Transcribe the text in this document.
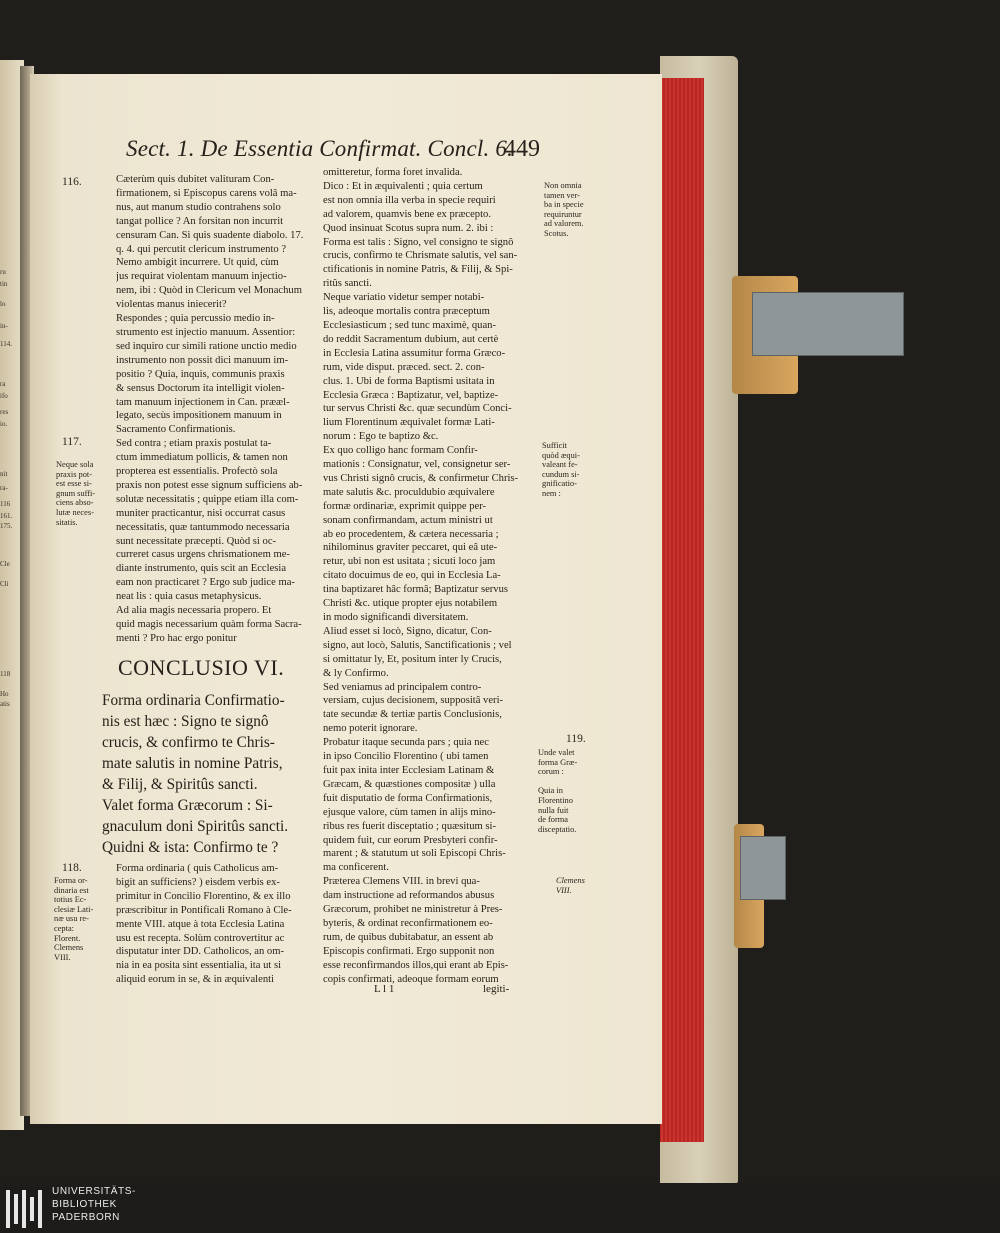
Sect. 1. De Essentia Confirmat. Concl. 6.
449
116.	Cæterùm quis dubitet valituram Con-
firmationem, si Episcopus carens volâ ma-
nus, aut manum studio contrahens solo
tangat pollice ? An forsitan non incurrit
censuram Can. Si quis suadente diabolo. 17.
q. 4. qui percutit clericum instrumento ?
Nemo ambigit incurrere. Ut quid, cùm
jus requirat violentam manuum injectio-
nem, ibi : Quòd in Clericum vel Monachum
violentas manus iniecerit?
Respondes ; quia percussio medio in-
strumento est injectio manuum. Assentior:
sed inquiro cur simili ratione unctio medio
instrumento non possit dici manuum im-
positio ? Quia, inquis, communis praxis
& sensus Doctorum ita intelligit violen-
tam manuum injectionem in Can. prææl-
legato, secùs impositionem manuum in
Sacramento Confirmationis.
Sed contra ; etiam praxis postulat ta-
ctum immediatum pollicis, & tamen non
propterea est essentialis. Profectò sola
praxis non potest esse signum sufficiens ab-
solutæ necessitatis ; quippe etiam illa com-
muniter practicantur, nisi occurrat casus
necessitatis, quæ tantummodo necessaria
sunt necessitate præcepti. Quòd si oc-
curreret casus urgens chrismationem me-
diante instrumento, quis scit an Ecclesia
eam non practicaret ? Ergo sub judice ma-
neat lis : quia casus metaphysicus.
Ad alia magis necessaria propero. Et
quid magis necessarium quàm forma Sacra-
menti ? Pro hac ergo ponitur
117.
Neque sola
praxis pot-
est esse si-
gnum suffi-
ciens abso-
lutæ neces-
sitatis.
CONCLUSIO VI.
Forma ordinaria Confirmatio-
nis est hæc : Signo te signô
crucis, & confirmo te Chris-
mate salutis in nomine Patris,
& Filij, & Spiritûs sancti.
Valet forma Græcorum : Si-
gnaculum doni Spiritûs sancti.
Quidni & ista: Confirmo te ?
118.
Forma or-
dinaria est
totius Ec-
clesiæ Lati-
næ usu re-
cepta:
Florent.
Clemens
VIII.
Forma ordinaria ( quis Catholicus am-
bigit an sufficiens? ) eisdem verbis ex-
primitur in Concilio Florentino, & ex illo
præscribitur in Pontificali Romano à Cle-
mente VIII. atque à tota Ecclesia Latina
usu est recepta. Solùm controvertitur ac
disputatur inter DD. Catholicos, an om-
nia in ea posita sint essentialia, ita ut si
aliquid eorum in se, & in æquivalenti
omitteretur, forma foret invalida.
Dico : Et in æquivalenti ; quia certum
est non omnia illa verba in specie requiri
ad valorem, quamvis bene ex præcepto.
Quod insinuat Scotus supra num. 2. ibi :
Forma est talis : Signo, vel consigno te signô
crucis, confirmo te Chrismate salutis, vel san-
ctificationis in nomine Patris, & Filij, & Spi-
ritûs sancti.
Neque variatio videtur semper notabi-
lis, adeoque mortalis contra præceptum
Ecclesiasticum ; sed tunc maximè, quan-
do reddit Sacramentum dubium, aut certè
in Ecclesia Latina assumitur forma Græco-
rum, vide disput. præced. sect. 2. con-
clus. 1. Ubi de forma Baptismi usitata in
Ecclesia Græca : Baptizatur, vel, baptize-
tur servus Christi &c. quæ secundùm Conci-
lium Florentinum æquivalet formæ Lati-
norum : Ego te baptizo &c.
Ex quo colligo hanc formam Confir-
mationis : Consignatur, vel, consignetur ser-
vus Christi signô crucis, & confirmetur Chris-
mate salutis &c. proculdubio æquivalere
formæ ordinariæ, exprimit quippe per-
sonam confirmandam, actum ministri ut
ab eo procedentem, & cætera necessaria ;
nihilominus graviter peccaret, qui eâ ute-
retur, ubi non est usitata ; sicuti loco jam
citato docuimus de eo, qui in Ecclesia La-
tina baptizaret hâc formâ; Baptizatur servus
Christi &c. utique propter ejus notabilem
in modo significandi diversitatem.
Aliud esset si locò, Signo, dicatur, Con-
signo, aut locò, Salutis, Sanctificationis ; vel
si omittatur ly, Et, positum inter ly Crucis,
& ly Confirmo.
Sed veniamus ad principalem contro-
versiam, cujus decisionem, suppositâ veri-
tate secundæ & tertiæ partis Conclusionis,
nemo poterit ignorare.
Probatur itaque secunda pars ; quia nec
in ipso Concilio Florentino ( ubi tamen
fuit pax inita inter Ecclesiam Latinam &
Græcam, & quæstiones compositæ ) ulla
fuit disputatio de forma Confirmationis,
ejusque valore, cùm tamen in alijs mino-
ribus res fuerit disceptatio ; quæsitum si-
quidem fuit, cur eorum Presbyteri confir-
marent ; & statutum ut soli Episcopi Chris-
ma conficerent.
Præterea Clemens VIII. in brevi qua-
dam instructione ad reformandos abusus
Græcorum, prohibet ne ministretur à Pres-
byteris, & ordinat reconfirmationem eo-
rum, de quibus dubitabatur, an essent ab
Episcopis confirmati. Ergo supponit non
esse reconfirmandos illos,qui erant ab Epis-
copis confirmati, adeoque formam eorum
Non omnia
tamen ver-
ba in specie
requiruntur
ad valorem.
Scotus.
Sufficit
quòd æqui-
valeant fe-
cundum si-
gnificatio-
nem :
119.
Unde valet
forma Græ-
corum :

Quia in
Florentino
nulla fuit
de forma
disceptatio.
Clemens
VIII.
L l 1	legiti-
ru
tin
lo
in-
114.
ra
ifo
res
io.
nit
ra-
116
161.
175.
Cle
Cli
118
Ho
atis
UNIVERSITÄTS-
BIBLIOTHEK
PADERBORN
